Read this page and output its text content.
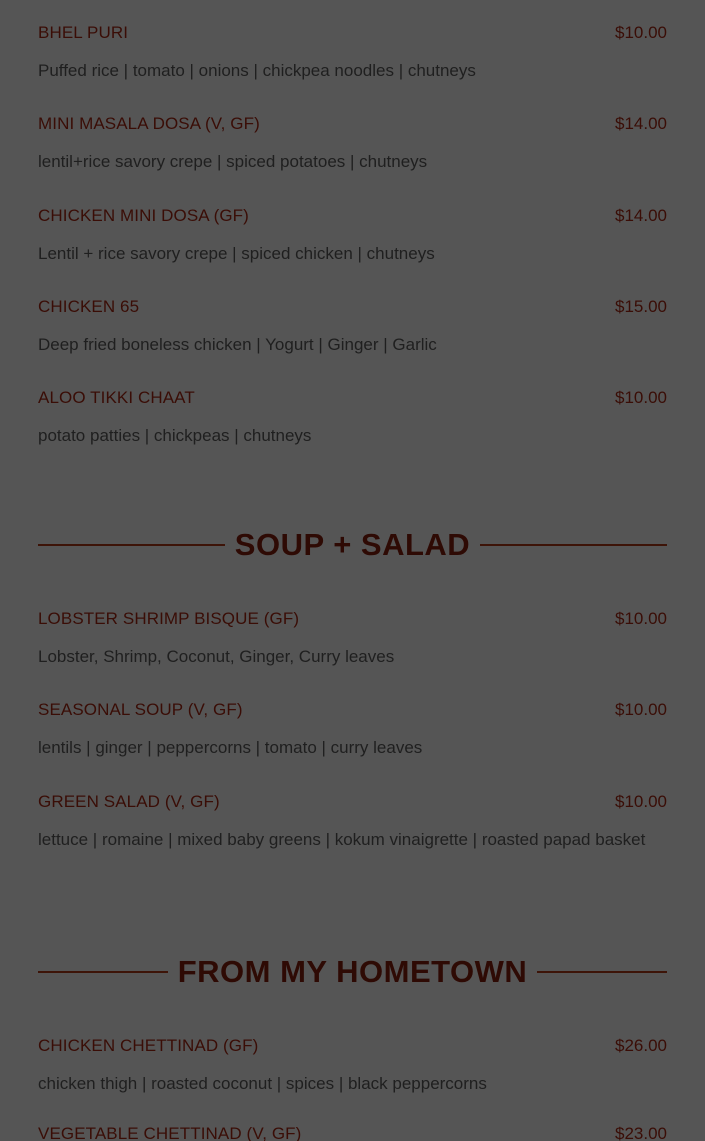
BHEL PURI	$10.00
Puffed rice | tomato | onions | chickpea noodles | chutneys
MINI MASALA DOSA (V, GF)	$14.00
lentil+rice savory crepe | spiced potatoes | chutneys
CHICKEN MINI DOSA (GF)	$14.00
Lentil + rice savory crepe | spiced chicken | chutneys
CHICKEN 65	$15.00
Deep fried boneless chicken | Yogurt | Ginger | Garlic
ALOO TIKKI CHAAT	$10.00
potato patties | chickpeas | chutneys
SOUP + SALAD
LOBSTER SHRIMP BISQUE (GF)	$10.00
Lobster, Shrimp, Coconut, Ginger, Curry leaves
SEASONAL SOUP (V, GF)	$10.00
lentils | ginger | peppercorns | tomato | curry leaves
GREEN SALAD (V, GF)	$10.00
lettuce | romaine | mixed baby greens | kokum vinaigrette | roasted papad basket
FROM MY HOMETOWN
CHICKEN CHETTINAD (GF)	$26.00
chicken thigh | roasted coconut | spices | black peppercorns
VEGETABLE CHETTINAD (V, GF)	$23.00
